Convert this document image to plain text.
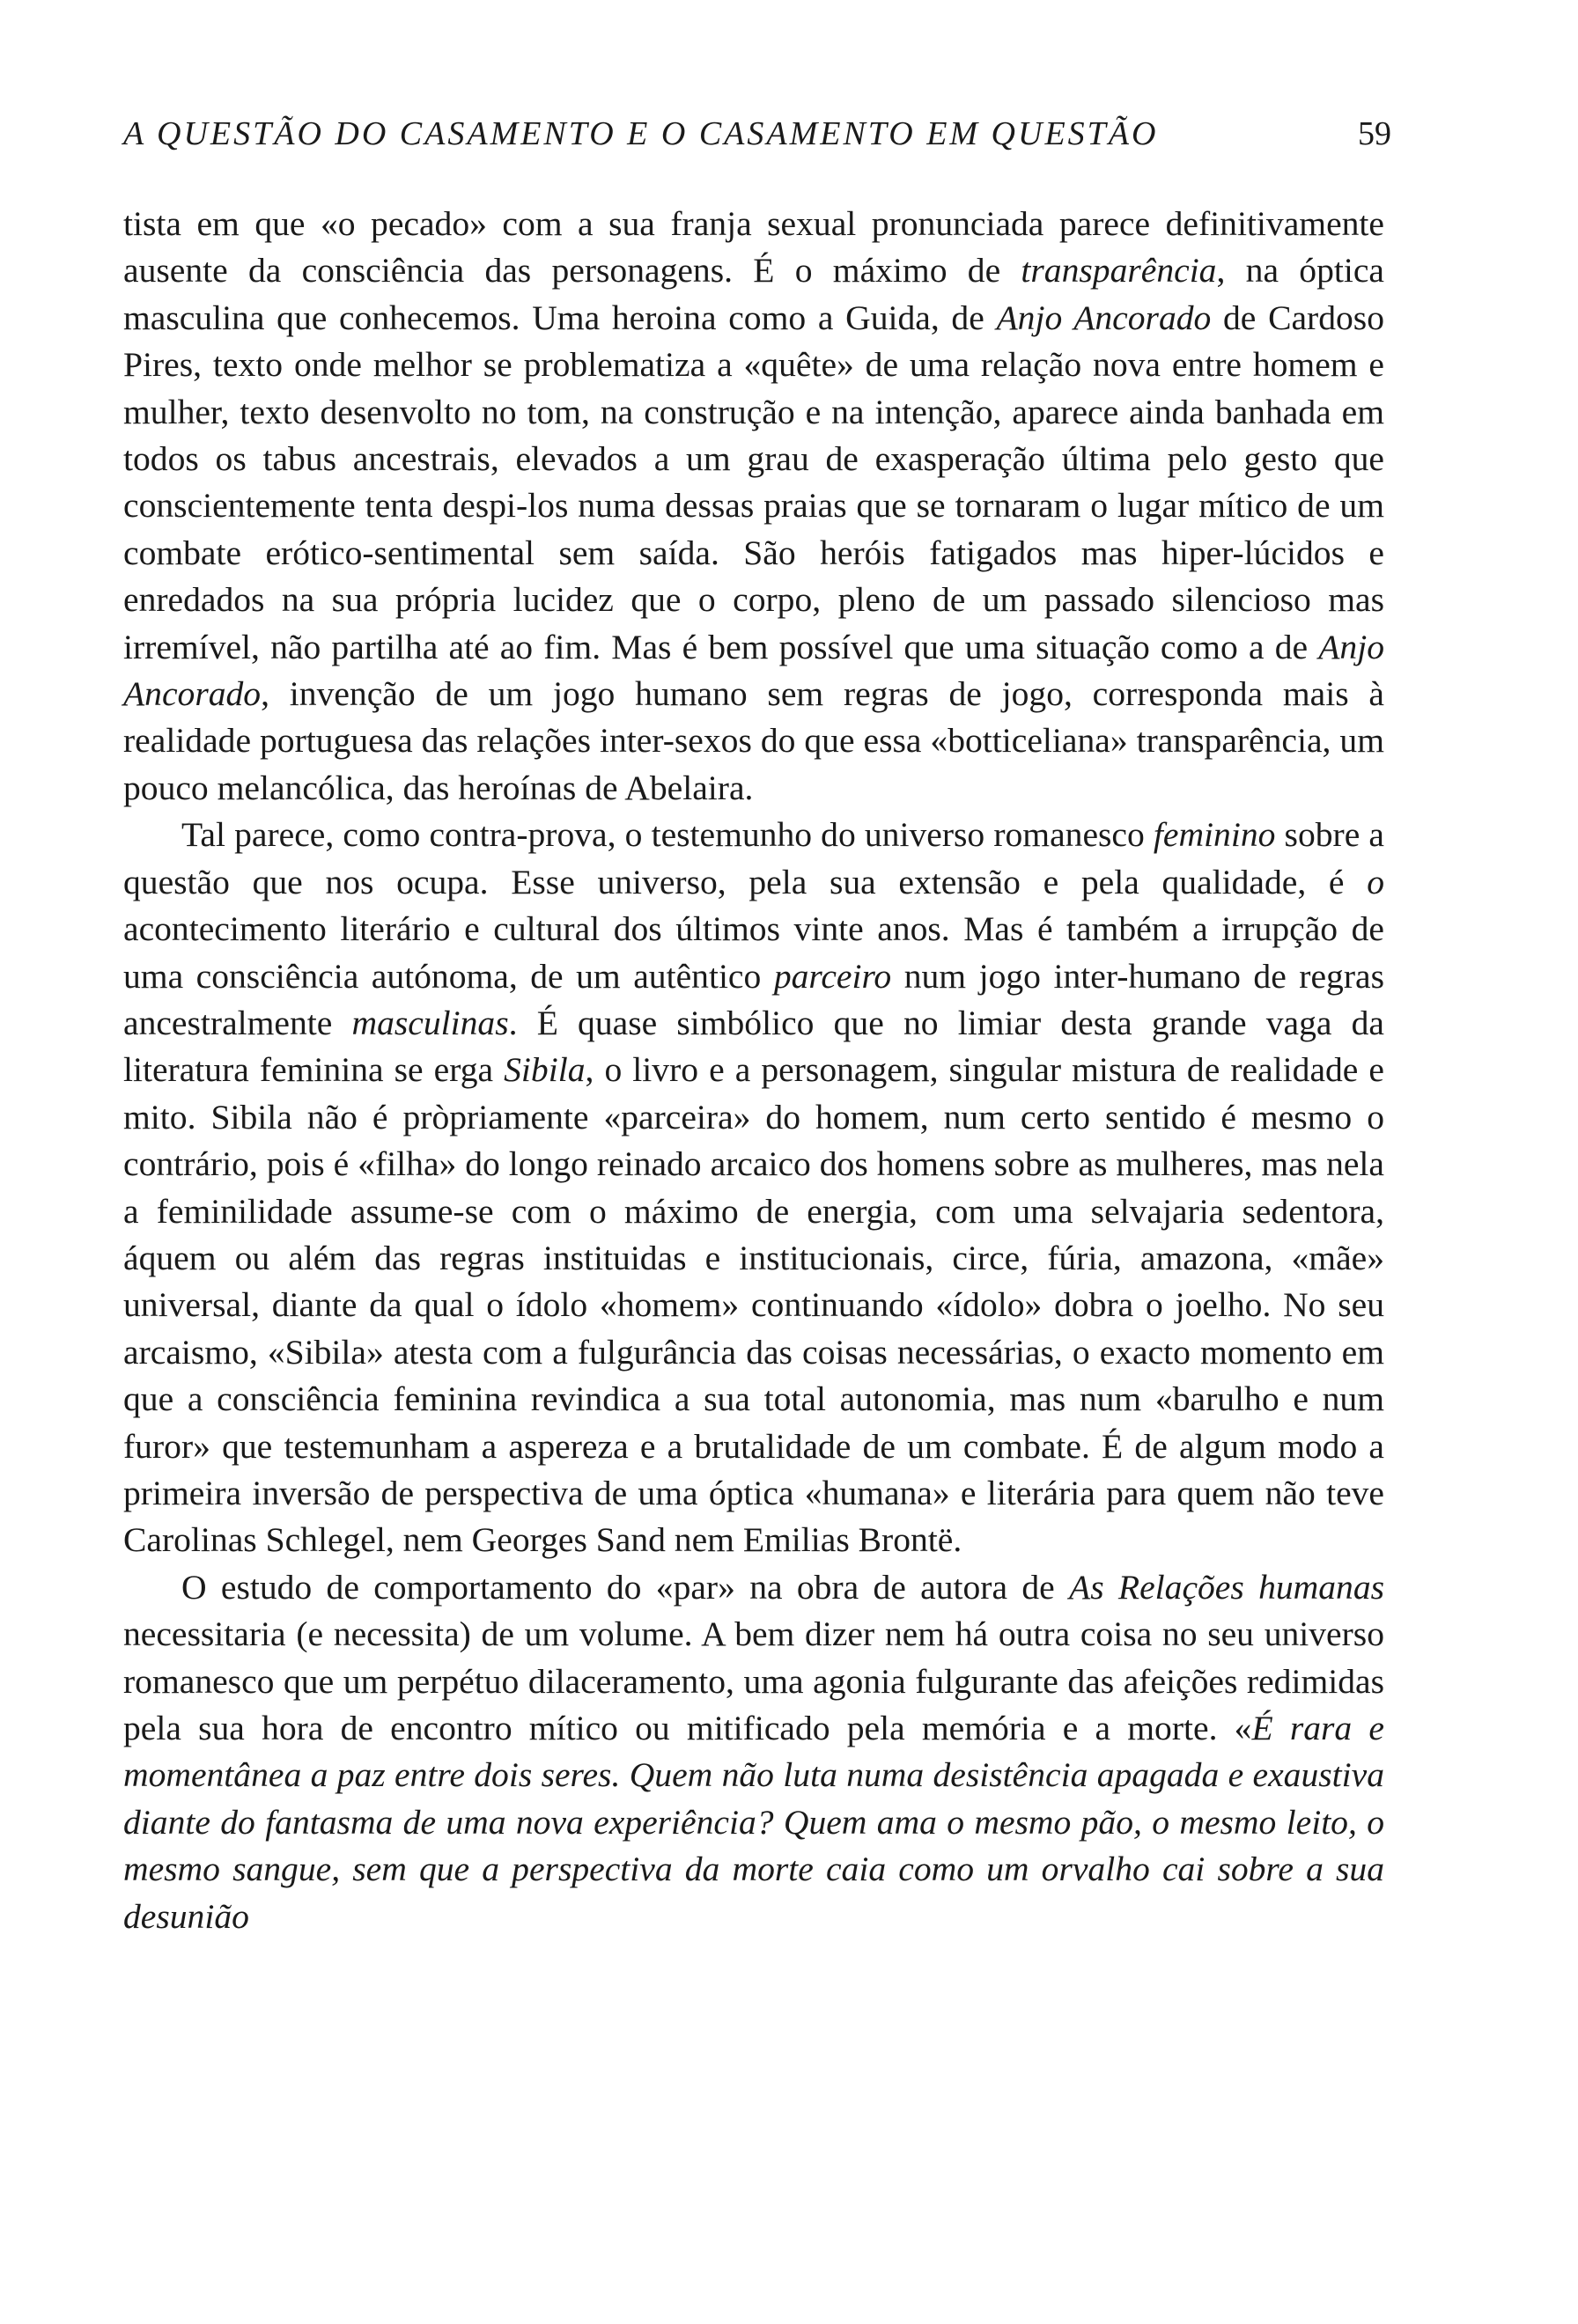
A QUESTÃO DO CASAMENTO E O CASAMENTO EM QUESTÃO	59

tista em que «o pecado» com a sua franja sexual pronunciada parece definitivamente ausente da consciência das personagens. É o máximo de transparência, na óptica masculina que conhecemos. Uma heroina como a Guida, de Anjo Ancorado de Cardoso Pires, texto onde melhor se problematiza a «quête» de uma relação nova entre homem e mulher, texto desenvolto no tom, na construção e na intenção, aparece ainda banhada em todos os tabus ancestrais, elevados a um grau de exasperação última pelo gesto que conscientemente tenta despi-los numa dessas praias que se tornaram o lugar mítico de um combate erótico-sentimental sem saída. São heróis fatigados mas hiper-lúcidos e enredados na sua própria lucidez que o corpo, pleno de um passado silencioso mas irremível, não partilha até ao fim. Mas é bem possível que uma situação como a de Anjo Ancorado, invenção de um jogo humano sem regras de jogo, corresponda mais à realidade portuguesa das relações inter-sexos do que essa «botticeliana» transparência, um pouco melancólica, das heroínas de Abelaira.

Tal parece, como contra-prova, o testemunho do universo romanesco feminino sobre a questão que nos ocupa. Esse universo, pela sua extensão e pela qualidade, é o acontecimento literário e cultural dos últimos vinte anos. Mas é também a irrupção de uma consciência autónoma, de um autêntico parceiro num jogo inter-humano de regras ancestralmente masculinas. É quase simbólico que no limiar desta grande vaga da literatura feminina se erga Sibila, o livro e a personagem, singular mistura de realidade e mito. Sibila não é pròpriamente «parceira» do homem, num certo sentido é mesmo o contrário, pois é «filha» do longo reinado arcaico dos homens sobre as mulheres, mas nela a feminilidade assume-se com o máximo de energia, com uma selvajaria sedentora, áquem ou além das regras instituidas e institucionais, circe, fúria, amazona, «mãe» universal, diante da qual o ídolo «homem» continuando «ídolo» dobra o joelho. No seu arcaismo, «Sibila» atesta com a fulgurância das coisas necessárias, o exacto momento em que a consciência feminina revindica a sua total autonomia, mas num «barulho e num furor» que testemunham a aspereza e a brutalidade de um combate. É de algum modo a primeira inversão de perspectiva de uma óptica «humana» e literária para quem não teve Carolinas Schlegel, nem Georges Sand nem Emilias Brontë.

O estudo de comportamento do «par» na obra de autora de As Relações humanas necessitaria (e necessita) de um volume. A bem dizer nem há outra coisa no seu universo romanesco que um perpétuo dilaceramento, uma agonia fulgurante das afeições redimidas pela sua hora de encontro mítico ou mitificado pela memória e a morte. «É rara e momentânea a paz entre dois seres. Quem não luta numa desistência apagada e exaustiva diante do fantasma de uma nova experiência? Quem ama o mesmo pão, o mesmo leito, o mesmo sangue, sem que a perspectiva da morte caia como um orvalho cai sobre a sua desunião
